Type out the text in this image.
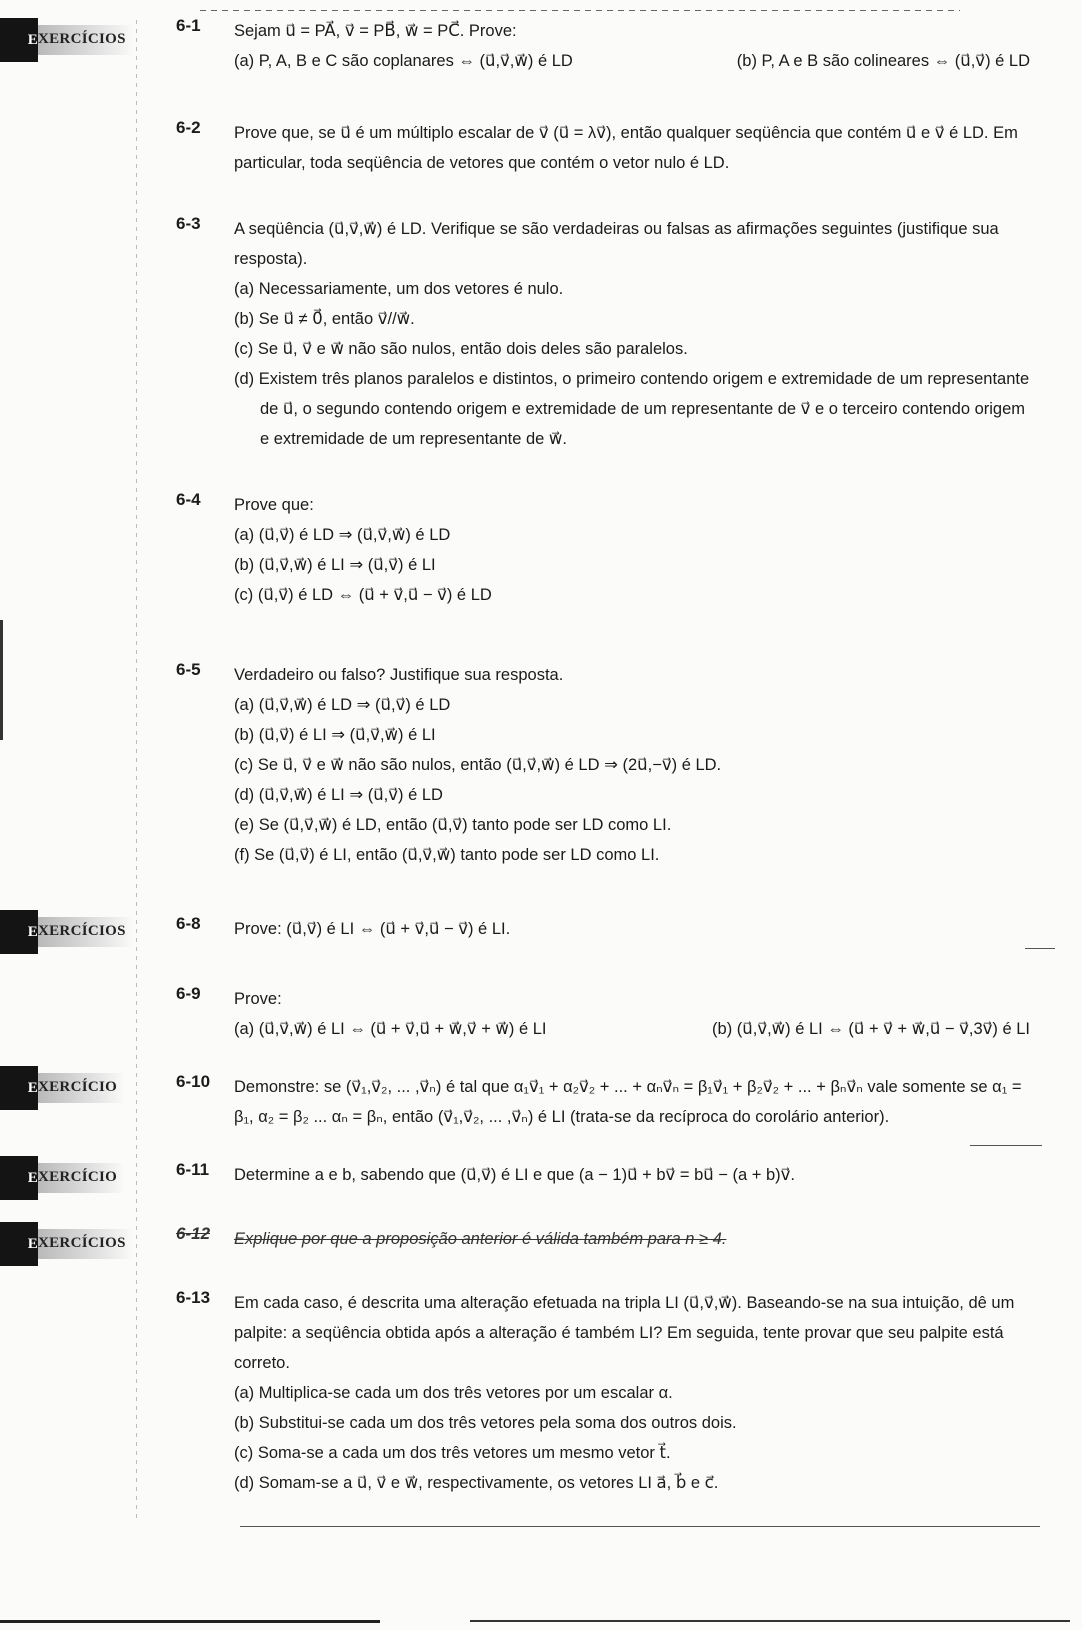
E XERCÍCIOS
E XERCÍCIOS
E XERCÍCIO
E XERCÍCIO
E XERCÍCIOS
6-1 Sejam u⃗ = PA⃗, v⃗ = PB⃗, w⃗ = PC⃗. Prove:
(a) P, A, B e C são coplanares ⇔ (u⃗,v⃗,w⃗) é LD	(b) P, A e B são colineares ⇔ (u⃗,v⃗) é LD
6-2 Prove que, se u⃗ é um múltiplo escalar de v⃗ (u⃗ = λv⃗), então qualquer seqüência que contém u⃗ e v⃗ é LD. Em particular, toda seqüência de vetores que contém o vetor nulo é LD.
6-3 A seqüência (u⃗,v⃗,w⃗) é LD. Verifique se são verdadeiras ou falsas as afirmações seguintes (justifique sua resposta).
(a) Necessariamente, um dos vetores é nulo.
(b) Se u⃗ ≠ 0⃗, então v⃗//w⃗.
(c) Se u⃗, v⃗ e w⃗ não são nulos, então dois deles são paralelos.
(d) Existem três planos paralelos e distintos, o primeiro contendo origem e extremidade de um representante de u⃗, o segundo contendo origem e extremidade de um representante de v⃗ e o terceiro contendo origem e extremidade de um representante de w⃗.
6-4 Prove que:
(a) (u⃗,v⃗) é LD ⇒ (u⃗,v⃗,w⃗) é LD
(b) (u⃗,v⃗,w⃗) é LI ⇒ (u⃗,v⃗) é LI
(c) (u⃗,v⃗) é LD ⇔ (u⃗ + v⃗,u⃗ − v⃗) é LD
6-5 Verdadeiro ou falso? Justifique sua resposta.
(a) (u⃗,v⃗,w⃗) é LD ⇒ (u⃗,v⃗) é LD
(b) (u⃗,v⃗) é LI ⇒ (u⃗,v⃗,w⃗) é LI
(c) Se u⃗, v⃗ e w⃗ não são nulos, então (u⃗,v⃗,w⃗) é LD ⇒ (2u⃗,−v⃗) é LD.
(d) (u⃗,v⃗,w⃗) é LI ⇒ (u⃗,v⃗) é LD
(e) Se (u⃗,v⃗,w⃗) é LD, então (u⃗,v⃗) tanto pode ser LD como LI.
(f) Se (u⃗,v⃗) é LI, então (u⃗,v⃗,w⃗) tanto pode ser LD como LI.
6-8 Prove: (u⃗,v⃗) é LI ⇔ (u⃗ + v⃗,u⃗ − v⃗) é LI.
6-9 Prove:
(a) (u⃗,v⃗,w⃗) é LI ⇔ (u⃗ + v⃗,u⃗ + w⃗,v⃗ + w⃗) é LI	(b) (u⃗,v⃗,w⃗) é LI ⇔ (u⃗ + v⃗ + w⃗,u⃗ − v⃗,3v⃗) é LI
6-10 Demonstre: se (v⃗₁,v⃗₂, ... ,v⃗ₙ) é tal que α₁v⃗₁ + α₂v⃗₂ + ... + αₙv⃗ₙ = β₁v⃗₁ + β₂v⃗₂ + ... + βₙv⃗ₙ vale somente se α₁ = β₁, α₂ = β₂ ... αₙ = βₙ, então (v⃗₁,v⃗₂, ... ,v⃗ₙ) é LI (trata-se da recíproca do corolário anterior).
6-11 Determine a e b, sabendo que (u⃗,v⃗) é LI e que (a − 1)u⃗ + bv⃗ = bu⃗ − (a + b)v⃗.
6-12 Explique por que a proposição anterior é válida também para n ≥ 4.
6-13 Em cada caso, é descrita uma alteração efetuada na tripla LI (u⃗,v⃗,w⃗). Baseando-se na sua intuição, dê um palpite: a seqüência obtida após a alteração é também LI? Em seguida, tente provar que seu palpite está correto.
(a) Multiplica-se cada um dos três vetores por um escalar α.
(b) Substitui-se cada um dos três vetores pela soma dos outros dois.
(c) Soma-se a cada um dos três vetores um mesmo vetor t⃗.
(d) Somam-se a u⃗, v⃗ e w⃗, respectivamente, os vetores LI a⃗, b⃗ e c⃗.
